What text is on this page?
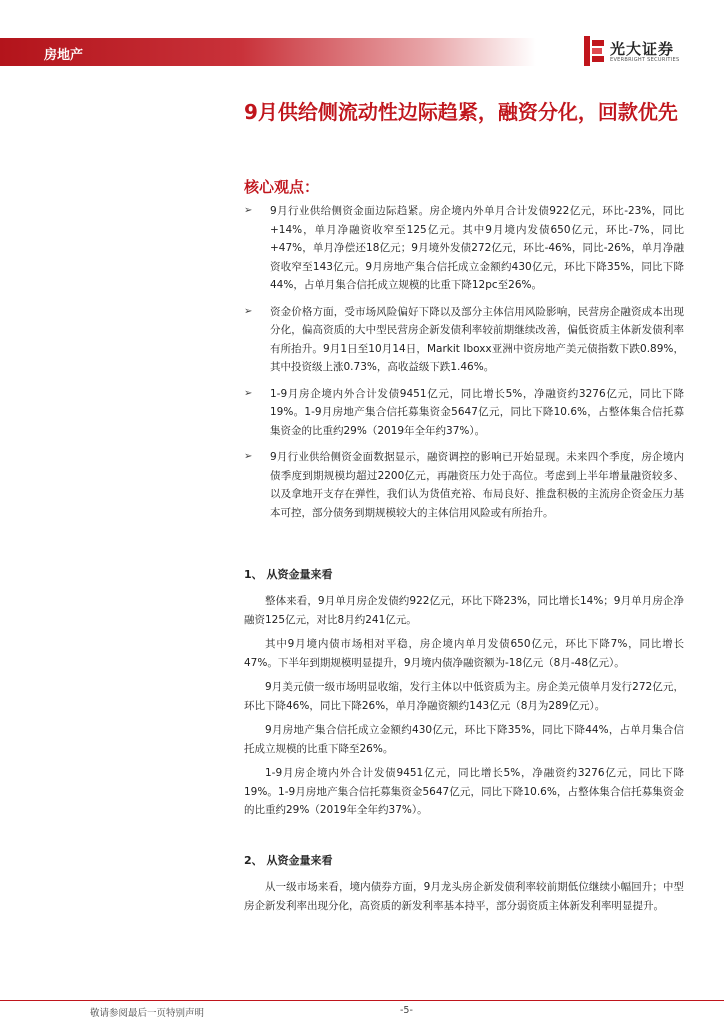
房地产	光大证券
EVERBRIGHT SECURITIES
9月供给侧流动性边际趋紧，融资分化，回款优先
核心观点：
➢ 9月行业供给侧资金面边际趋紧。房企境内外单月合计发债922亿元，环比-23%，同比+14%，单月净融资收窄至125亿元。其中9月境内发债650亿元，环比-7%，同比+47%，单月净偿还18亿元；9月境外发债272亿元，环比-46%，同比-26%，单月净融资收窄至143亿元。9月房地产集合信托成立金额约430亿元，环比下降35%，同比下降44%，占单月集合信托成立规模的比重下降12pc至26%。
➢ 资金价格方面，受市场风险偏好下降以及部分主体信用风险影响，民营房企融资成本出现分化，偏高资质的大中型民营房企新发债利率较前期继续改善，偏低资质主体新发债利率有所抬升。9月1日至10月14日，Markit Iboxx亚洲中资房地产美元债指数下跌0.89%，其中投资级上涨0.73%，高收益级下跌1.46%。
➢ 1-9月房企境内外合计发债9451亿元，同比增长5%，净融资约3276亿元，同比下降19%。1-9月房地产集合信托募集资金5647亿元，同比下降10.6%，占整体集合信托募集资金的比重约29%（2019年全年约37%）。
➢ 9月行业供给侧资金面数据显示，融资调控的影响已开始显现。未来四个季度，房企境内债季度到期规模均超过2200亿元，再融资压力处于高位。考虑到上半年增量融资较多、以及拿地开支存在弹性，我们认为货值充裕、布局良好、推盘积极的主流房企资金压力基本可控，部分债务到期规模较大的主体信用风险或有所抬升。
1、 从资金量来看
整体来看，9月单月房企发债约922亿元，环比下降23%，同比增长14%；9月单月房企净融资125亿元，对比8月约241亿元。
其中9月境内债市场相对平稳，房企境内单月发债650亿元，环比下降7%，同比增长47%。下半年到期规模明显提升，9月境内债净融资额为-18亿元（8月-48亿元）。
9月美元债一级市场明显收缩，发行主体以中低资质为主。房企美元债单月发行272亿元，环比下降46%，同比下降26%，单月净融资额约143亿元（8月为289亿元）。
9月房地产集合信托成立金额约430亿元，环比下降35%，同比下降44%，占单月集合信托成立规模的比重下降至26%。
1-9月房企境内外合计发债9451亿元，同比增长5%，净融资约3276亿元，同比下降19%。1-9月房地产集合信托募集资金5647亿元，同比下降10.6%，占整体集合信托募集资金的比重约29%（2019年全年约37%）。
2、 从资金量来看
从一级市场来看，境内债券方面，9月龙头房企新发债利率较前期低位继续小幅回升；中型房企新发利率出现分化，高资质的新发利率基本持平，部分弱资质主体新发利率明显提升。
敬请参阅最后一页特别声明	-5-
